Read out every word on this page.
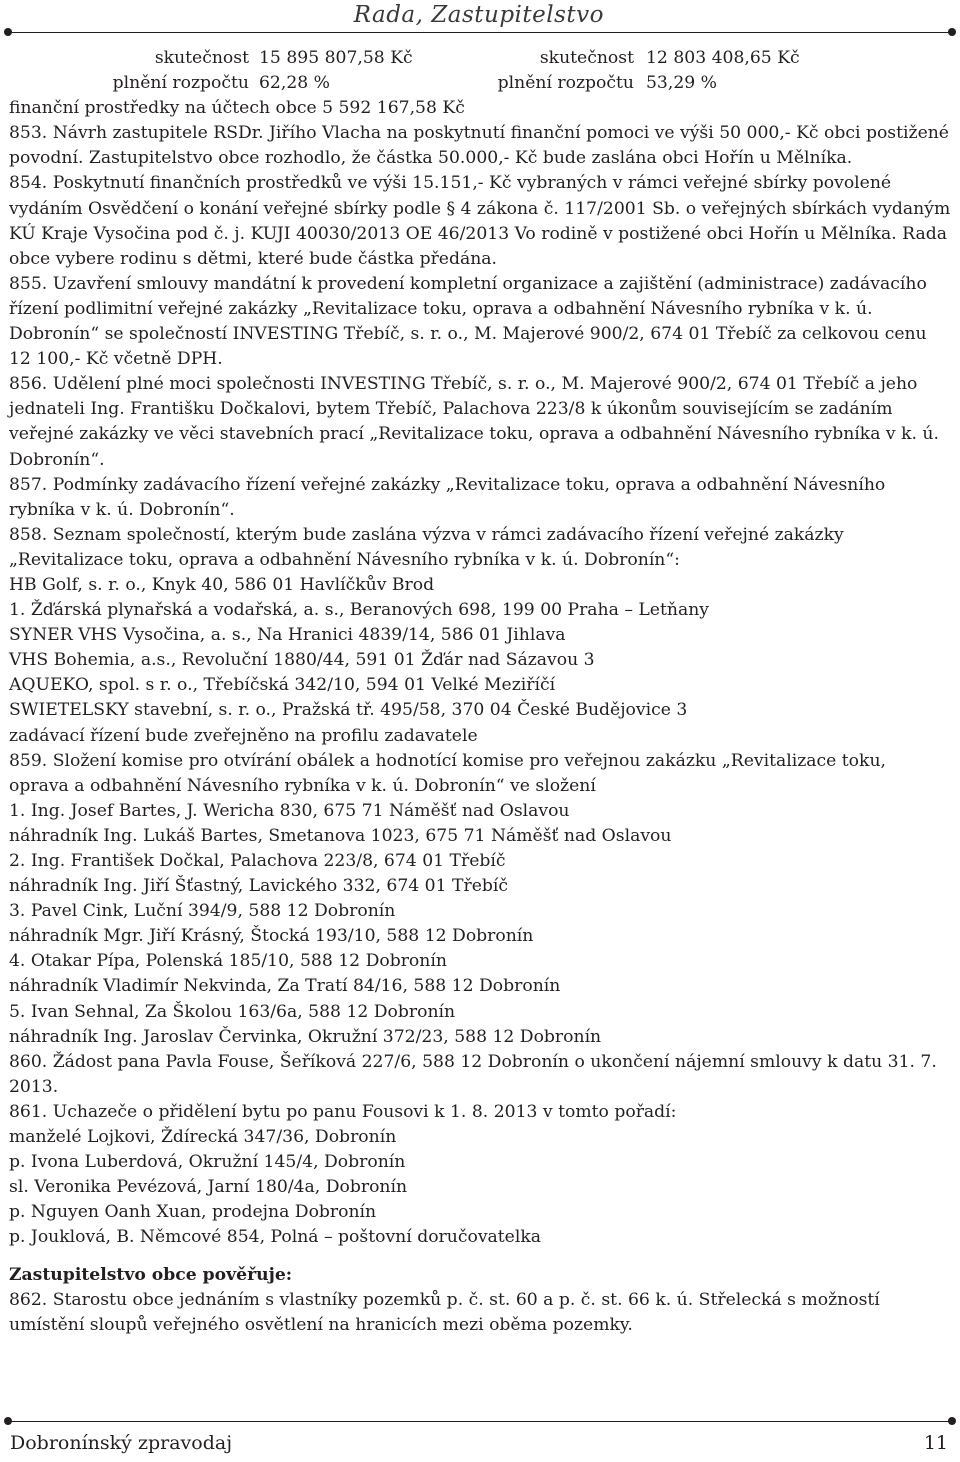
Rada, Zastupitelstvo
skutečnost 15 895 807,58 Kč	skutečnost 12 803 408,65 Kč
plnění rozpočtu 62,28 %	plnění rozpočtu 53,29 %
finanční prostředky na účtech obce 5 592 167,58 Kč
853. Návrh zastupitele RSDr. Jiřího Vlacha na poskytnutí finanční pomoci ve výši 50 000,- Kč obci postižené povodní. Zastupitelstvo obce rozhodlo, že částka 50.000,- Kč bude zaslána obci Hořín u Mělníka.
854. Poskytnutí finančních prostředků ve výši 15.151,- Kč vybraných v rámci veřejné sbírky povolené vydáním Osvědčení o konání veřejné sbírky podle § 4 zákona č. 117/2001 Sb. o veřejných sbírkách vydaným KÚ Kraje Vysočina pod č. j. KUJI 40030/2013 OE 46/2013 Vo rodině v postižené obci Hořín u Mělníka. Rada obce vybere rodinu s dětmi, které bude částka předána.
855. Uzavření smlouvy mandátní k provedení kompletní organizace a zajištění (administrace) zadávacího řízení podlimitní veřejné zakázky „Revitalizace toku, oprava a odbahnění Návesního rybníka v k. ú. Dobronín“ se společností INVESTING Třebíč, s. r. o., M. Majerové 900/2, 674 01 Třebíč za celkovou cenu 12 100,- Kč včetně DPH.
856. Udělení plné moci společnosti INVESTING Třebíč, s. r. o., M. Majerové 900/2, 674 01 Třebíč a jeho jednateli Ing. Františku Dočkalovi, bytem Třebíč, Palachova 223/8 k úkonům souvisejícím se zadáním veřejné zakázky ve věci stavebních prací „Revitalizace toku, oprava a odbahnění Návesního rybníka v k. ú. Dobronín“.
857. Podmínky zadávacího řízení veřejné zakázky „Revitalizace toku, oprava a odbahnění Návesního rybníka v k. ú. Dobronín“.
858. Seznam společností, kterým bude zaslána výzva v rámci zadávacího řízení veřejné zakázky „Revitalizace toku, oprava a odbahnění Návesního rybníka v k. ú. Dobronín“:
HB Golf, s. r. o., Knyk 40, 586 01 Havlíčkův Brod
1. Žďárská plynařská a vodařská, a. s., Beranových 698, 199 00 Praha – Letňany
SYNER VHS Vysočina, a. s., Na Hranici 4839/14, 586 01 Jihlava
VHS Bohemia, a.s., Revoluční 1880/44, 591 01 Žďár nad Sázavou 3
AQUEKO, spol. s r. o., Třebíčská 342/10, 594 01 Velké Meziříčí
SWIETELSKY stavební, s. r. o., Pražská tř. 495/58, 370 04 České Budějovice 3
zadávací řízení bude zveřejněno na profilu zadavatele
859. Složení komise pro otvírání obálek a hodnotící komise pro veřejnou zakázku „Revitalizace toku, oprava a odbahnění Návesního rybníka v k. ú. Dobronín“ ve složení
1. Ing. Josef Bartes, J. Wericha 830, 675 71 Náměšť nad Oslavou
náhradník Ing. Lukáš Bartes, Smetanova 1023, 675 71 Náměšť nad Oslavou
2. Ing. František Dočkal, Palachova 223/8, 674 01 Třebíč
náhradník Ing. Jiří Šťastný, Lavického 332, 674 01 Třebíč
3. Pavel Cink, Luční 394/9, 588 12 Dobronín
náhradník Mgr. Jiří Krásný, Štocká 193/10, 588 12 Dobronín
4. Otakar Pípa, Polenská 185/10, 588 12 Dobronín
náhradník Vladimír Nekvinda, Za Tratí 84/16, 588 12 Dobronín
5. Ivan Sehnal, Za Školou 163/6a, 588 12 Dobronín
náhradník Ing. Jaroslav Červinka, Okružní 372/23, 588 12 Dobronín
860. Žádost pana Pavla Fouse, Šeříková 227/6, 588 12 Dobronín o ukončení nájemní smlouvy k datu 31. 7. 2013.
861. Uchazeče o přidělení bytu po panu Fousovi k 1. 8. 2013 v tomto pořadí:
manželé Lojkovi, Ždírecká 347/36, Dobronín
p. Ivona Luberdová, Okružní 145/4, Dobronín
sl. Veronika Pevézová, Jarní 180/4a, Dobronín
p. Nguyen Oanh Xuan, prodejna Dobronín
p. Jouklová, B. Němcové 854, Polná – poštovní doručovatelka
Zastupitelstvo obce pověřuje:
862. Starostu obce jednáním s vlastníky pozemků p. č. st. 60 a p. č. st. 66 k. ú. Střelecká s možností umístění sloupů veřejného osvětlení na hranicích mezi oběma pozemky.
Dobronínský zpravodaj	11
